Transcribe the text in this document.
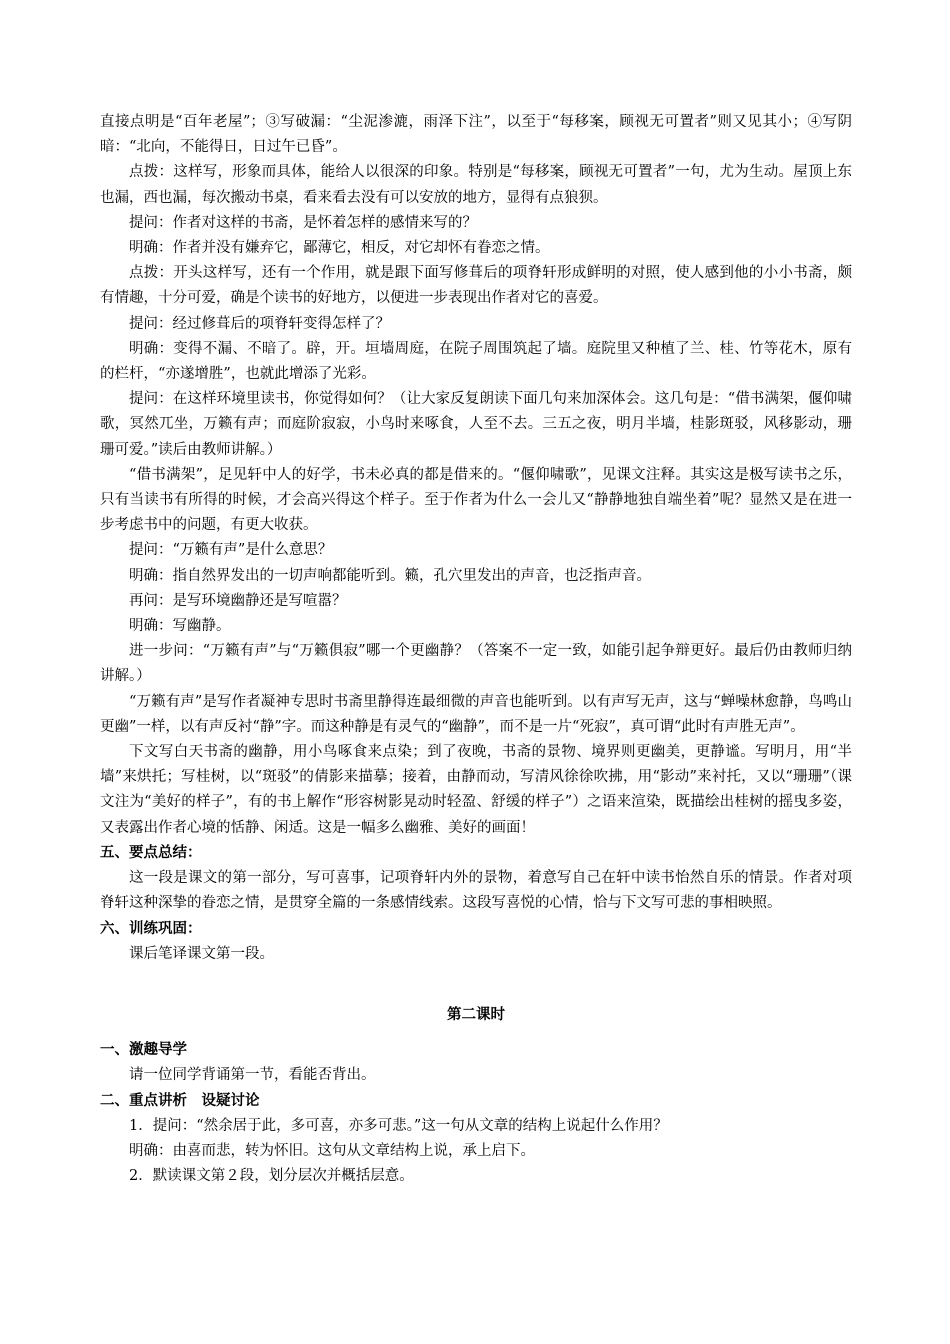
直接点明是“百年老屋”；③写破漏：“尘泥渗漉，雨泽下注”，以至于“每移案，顾视无可置者”则又见其小；④写阴暗：“北向，不能得日，日过午已昏”。

点拨：这样写，形象而具体，能给人以很深的印象。特别是“每移案，顾视无可置者”一句，尤为生动。屋顶上东也漏，西也漏，每次搬动书桌，看来看去没有可以安放的地方，显得有点狼狈。

提问：作者对这样的书斋，是怀着怎样的感情来写的？

明确：作者并没有嫌弃它，鄙薄它，相反，对它却怀有眷恋之情。

点拨：开头这样写，还有一个作用，就是跟下面写修葺后的项脊轩形成鲜明的对照，使人感到他的小小书斋，颇有情趣，十分可爱，确是个读书的好地方，以便进一步表现出作者对它的喜爱。

提问：经过修葺后的项脊轩变得怎样了？

明确：变得不漏、不暗了。辟，开。垣墙周庭，在院子周围筑起了墙。庭院里又种植了兰、桂、竹等花木，原有的栏杆，“亦遂增胜”，也就此增添了光彩。

提问：在这样环境里读书，你觉得如何？（让大家反复朗读下面几句来加深体会。这几句是：“借书满架，偃仰啸歌，冥然兀坐，万籁有声；而庭阶寂寂，小鸟时来啄食，人至不去。三五之夜，明月半墙，桂影斑驳，风移影动，珊珊可爱。”读后由教师讲解。）

“借书满架”，足见轩中人的好学，书未必真的都是借来的。“偃仰啸歌”，见课文注释。其实这是极写读书之乐，只有当读书有所得的时候，才会高兴得这个样子。至于作者为什么一会儿又“静静地独自端坐着”呢？显然又是在进一步考虑书中的问题，有更大收获。

提问：“万籁有声”是什么意思？

明确：指自然界发出的一切声响都能听到。籁，孔穴里发出的声音，也泛指声音。

再问：是写环境幽静还是写喧嚣？

明确：写幽静。

进一步问：“万籁有声”与“万籁俱寂”哪一个更幽静？（答案不一定一致，如能引起争辩更好。最后仍由教师归纳讲解。）

“万籁有声”是写作者凝神专思时书斋里静得连最细微的声音也能听到。以有声写无声，这与“蝉噪林愈静，鸟鸣山更幽”一样，以有声反衬“静”字。而这种静是有灵气的“幽静”，而不是一片“死寂”，真可谓“此时有声胜无声”。

下文写白天书斋的幽静，用小鸟啄食来点染；到了夜晚，书斋的景物、境界则更幽美，更静谧。写明月，用“半墙”来烘托；写桂树，以“斑驳”的倩影来描摹；接着，由静而动，写清风徐徐吹拂，用“影动”来衬托，又以“珊珊”（课文注为“美好的样子”，有的书上解作“形容树影晃动时轻盈、舒缓的样子”）之语来渲染，既描绘出桂树的摇曳多姿，又表露出作者心境的恬静、闲适。这是一幅多么幽雅、美好的画面！

五、要点总结：

这一段是课文的第一部分，写可喜事，记项脊轩内外的景物，着意写自己在轩中读书怡然自乐的情景。作者对项脊轩这种深挚的眷恋之情，是贯穿全篇的一条感情线索。这段写喜悦的心情，恰与下文写可悲的事相映照。

六、训练巩固：

课后笔译课文第一段。

第二课时

一、激趣导学

请一位同学背诵第一节，看能否背出。

二、重点讲析　设疑讨论

1．提问：“然余居于此，多可喜，亦多可悲。”这一句从文章的结构上说起什么作用？

明确：由喜而悲，转为怀旧。这句从文章结构上说，承上启下。

2．默读课文第２段，划分层次并概括层意。
